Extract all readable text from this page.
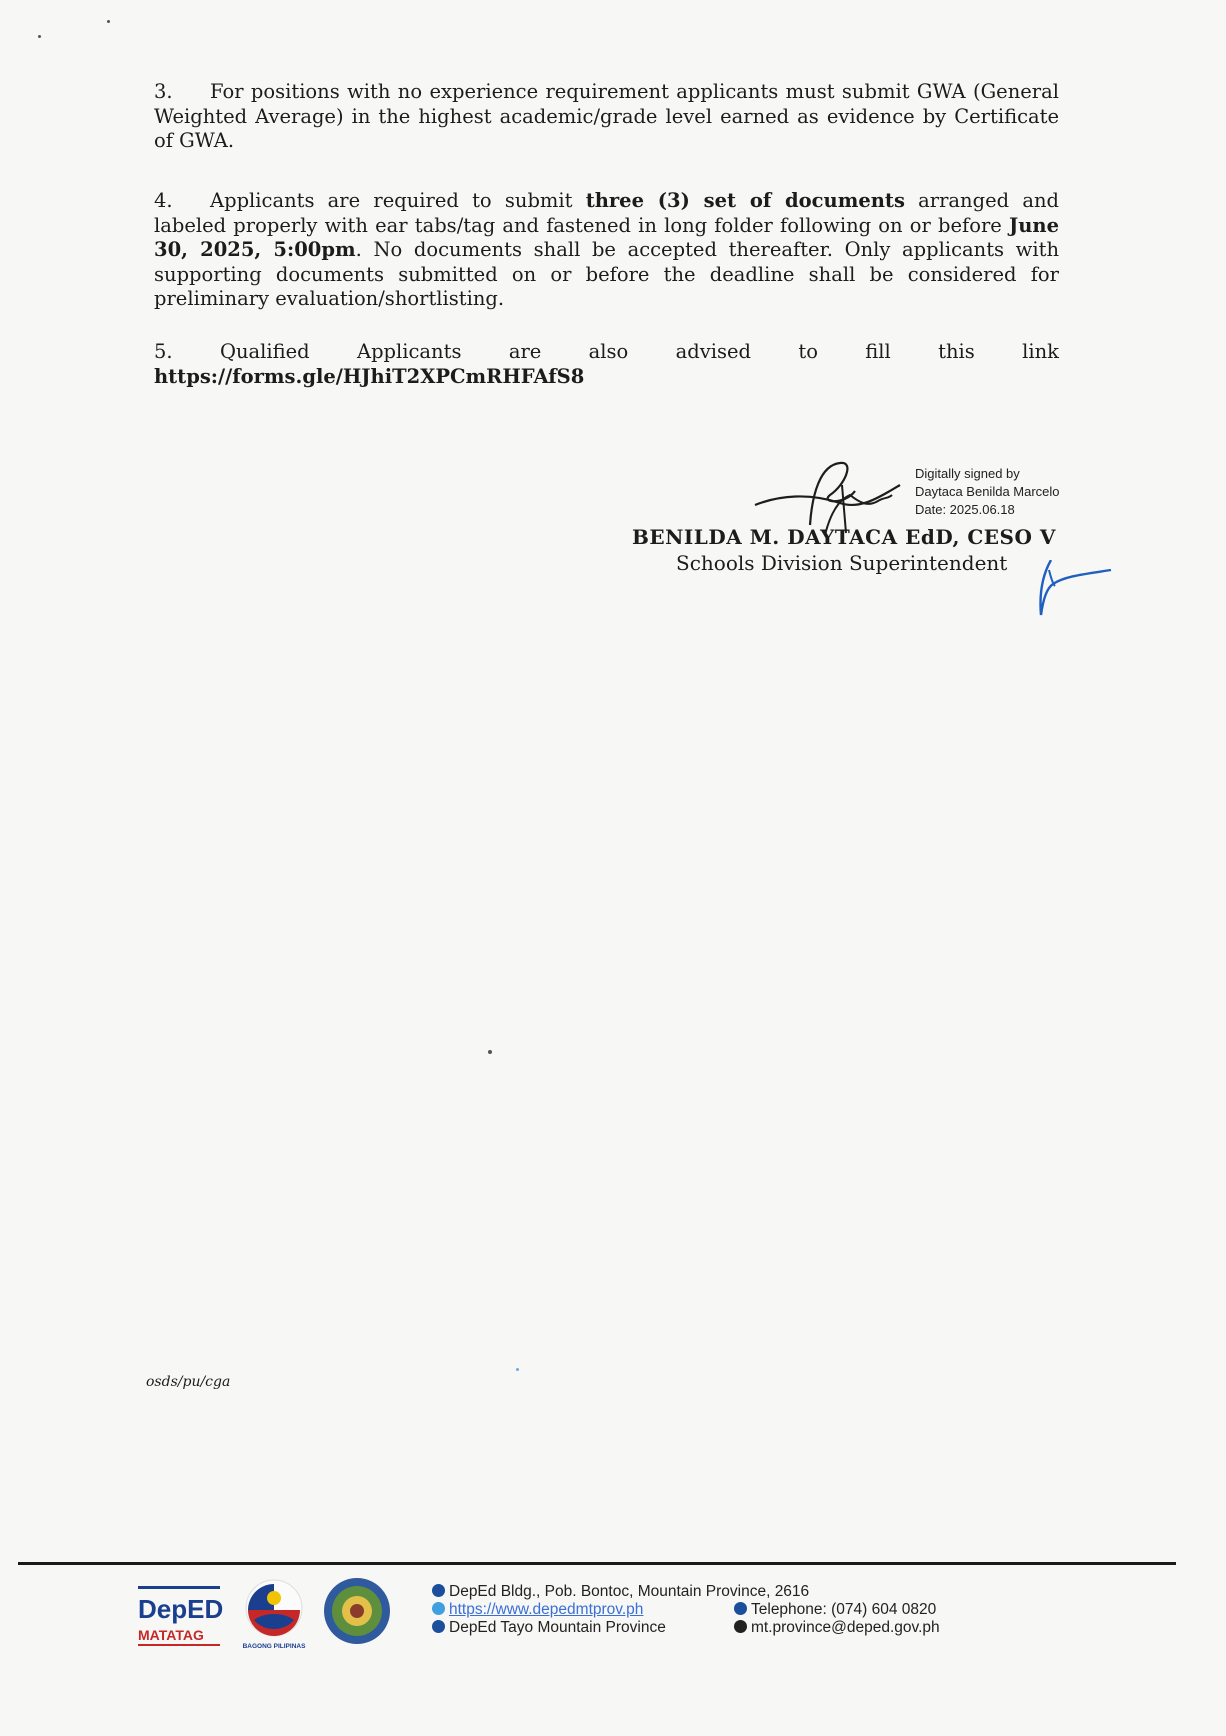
3. For positions with no experience requirement applicants must submit GWA (General Weighted Average) in the highest academic/grade level earned as evidence by Certificate of GWA.
4. Applicants are required to submit three (3) set of documents arranged and labeled properly with ear tabs/tag and fastened in long folder following on or before June 30, 2025, 5:00pm. No documents shall be accepted thereafter. Only applicants with supporting documents submitted on or before the deadline shall be considered for preliminary evaluation/shortlisting.
5. Qualified Applicants are also advised to fill this link
https://forms.gle/HJhiT2XPCmRHFAfS8
Digitally signed by
Daytaca Benilda Marcelo
Date: 2025.06.18
BENILDA M. DAYTACA EdD, CESO V
Schools Division Superintendent
osds/pu/cga
DepED
MATATAG
BAGONG PILIPINAS
DepEd Bldg., Pob. Bontoc, Mountain Province, 2616
https://www.depedmtprov.ph
DepEd Tayo Mountain Province
Telephone: (074) 604 0820
mt.province@deped.gov.ph
